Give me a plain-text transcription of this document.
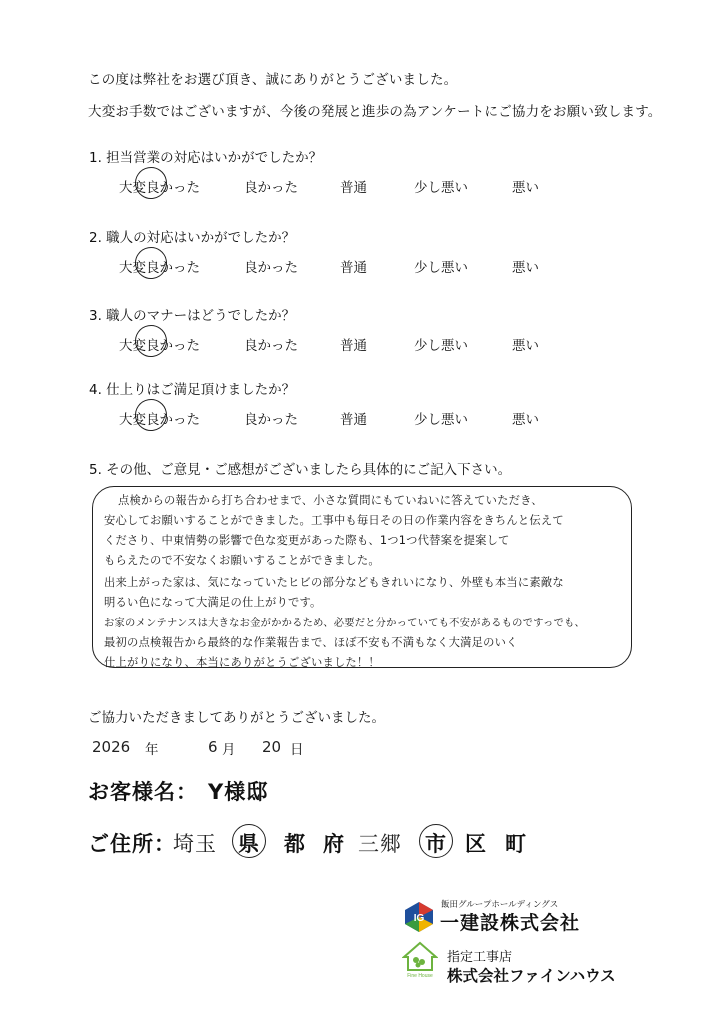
この度は弊社をお選び頂き、誠にありがとうございました。
大変お手数ではございますが、今後の発展と進歩の為アンケートにご協力をお願い致します。
1. 担当営業の対応はいかがでしたか？
大変良かった	良かった	普通	少し悪い	悪い
2. 職人の対応はいかがでしたか？
大変良かった	良かった	普通	少し悪い	悪い
3. 職人のマナーはどうでしたか？
大変良かった	良かった	普通	少し悪い	悪い
4. 仕上りはご満足頂けましたか？
大変良かった	良かった	普通	少し悪い	悪い
5. その他、ご意見・ご感想がございましたら具体的にご記入下さい。
点検からの報告から打ち合わせまで、小さな質問にもていねいに答えていただき、
安心してお願いすることができました。工事中も毎日その日の作業内容をきちんと伝えて
くださり、中東情勢の影響で色な変更があった際も、1つ1つ代替案を提案して
もらえたので不安なくお願いすることができました。
出来上がった家は、気になっていたヒビの部分などもきれいになり、外壁も本当に素敵な
明るい色になって大満足の仕上がりです。
お家のメンテナンスは大きなお金がかかるため、必要だと分かっていても不安があるものですっでも、
最初の点検報告から最終的な作業報告まで、ほぼ不安も不満もなく大満足のいく
仕上がりになり、本当にありがとうございました！！
ご協力いただきましてありがとうございました。
2026 年	6 月 20 日
お客様名： Y様邸
ご住所：
埼玉 県 都 府 三郷 市 区 町
IG
飯田グループホールディングス
一建設株式会社
Fine House
指定工事店
株式会社ファインハウス
